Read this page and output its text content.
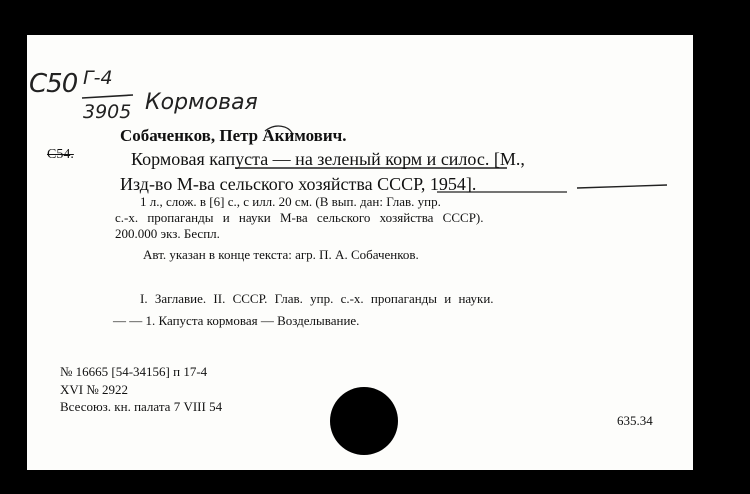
С50 Г-4
3905 Кормовая
С54.
Собаченков, Петр Акимович.
Кормовая капуста — на зеленый корм и силос. [М.,
Изд-во М-ва сельского хозяйства СССР, 1954].
1 л., слож. в [6] с., с илл. 20 см. (В вып. дан: Глав. упр.
с.-х. пропаганды и науки М-ва сельского хозяйства СССР).
200.000 экз. Беспл.
Авт. указан в конце текста: агр. П. А. Собаченков.
I. Заглавие. II. СССР. Глав. упр. с.-х. пропаганды и науки.
— — 1. Капуста кормовая — Возделывание.
№ 16665 [54-34156] п 17-4
XVI № 2922
Всесоюз. кн. палата 7 VIII 54
635.34
